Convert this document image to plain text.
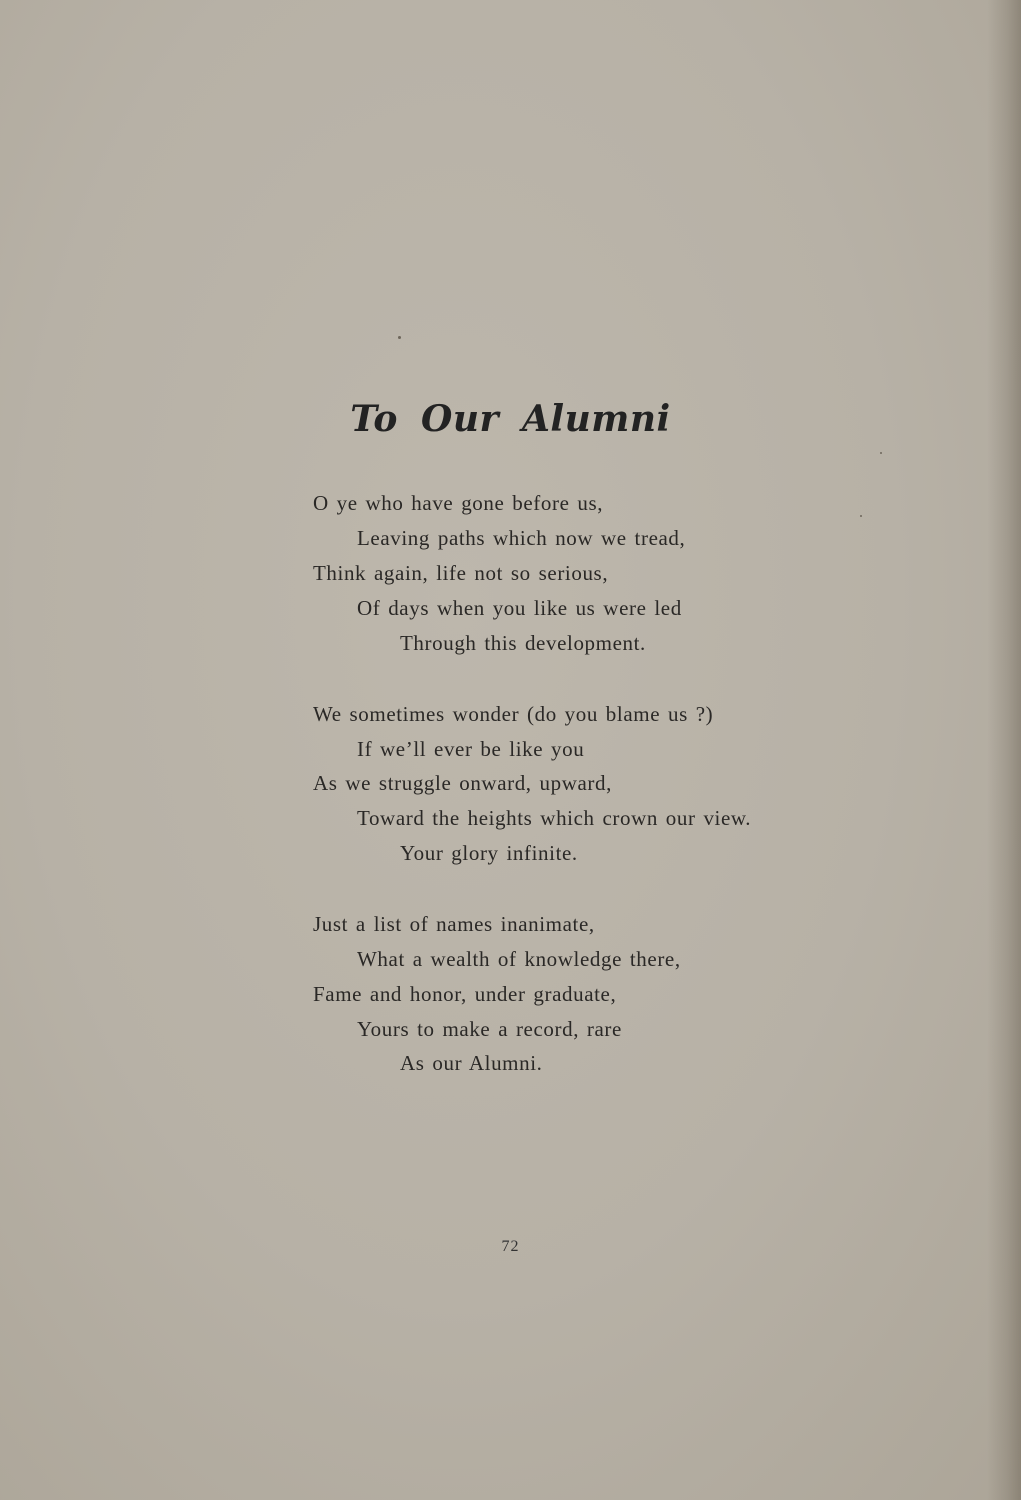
To Our Alumni
O ye who have gone before us,
Leaving paths which now we tread,
Think again, life not so serious,
Of days when you like us were led
Through this development.
We sometimes wonder (do you blame us ?)
If we’ll ever be like you
As we struggle onward, upward,
Toward the heights which crown our view.
Your glory infinite.
Just a list of names inanimate,
What a wealth of knowledge there,
Fame and honor, under graduate,
Yours to make a record, rare
As our Alumni.
72
